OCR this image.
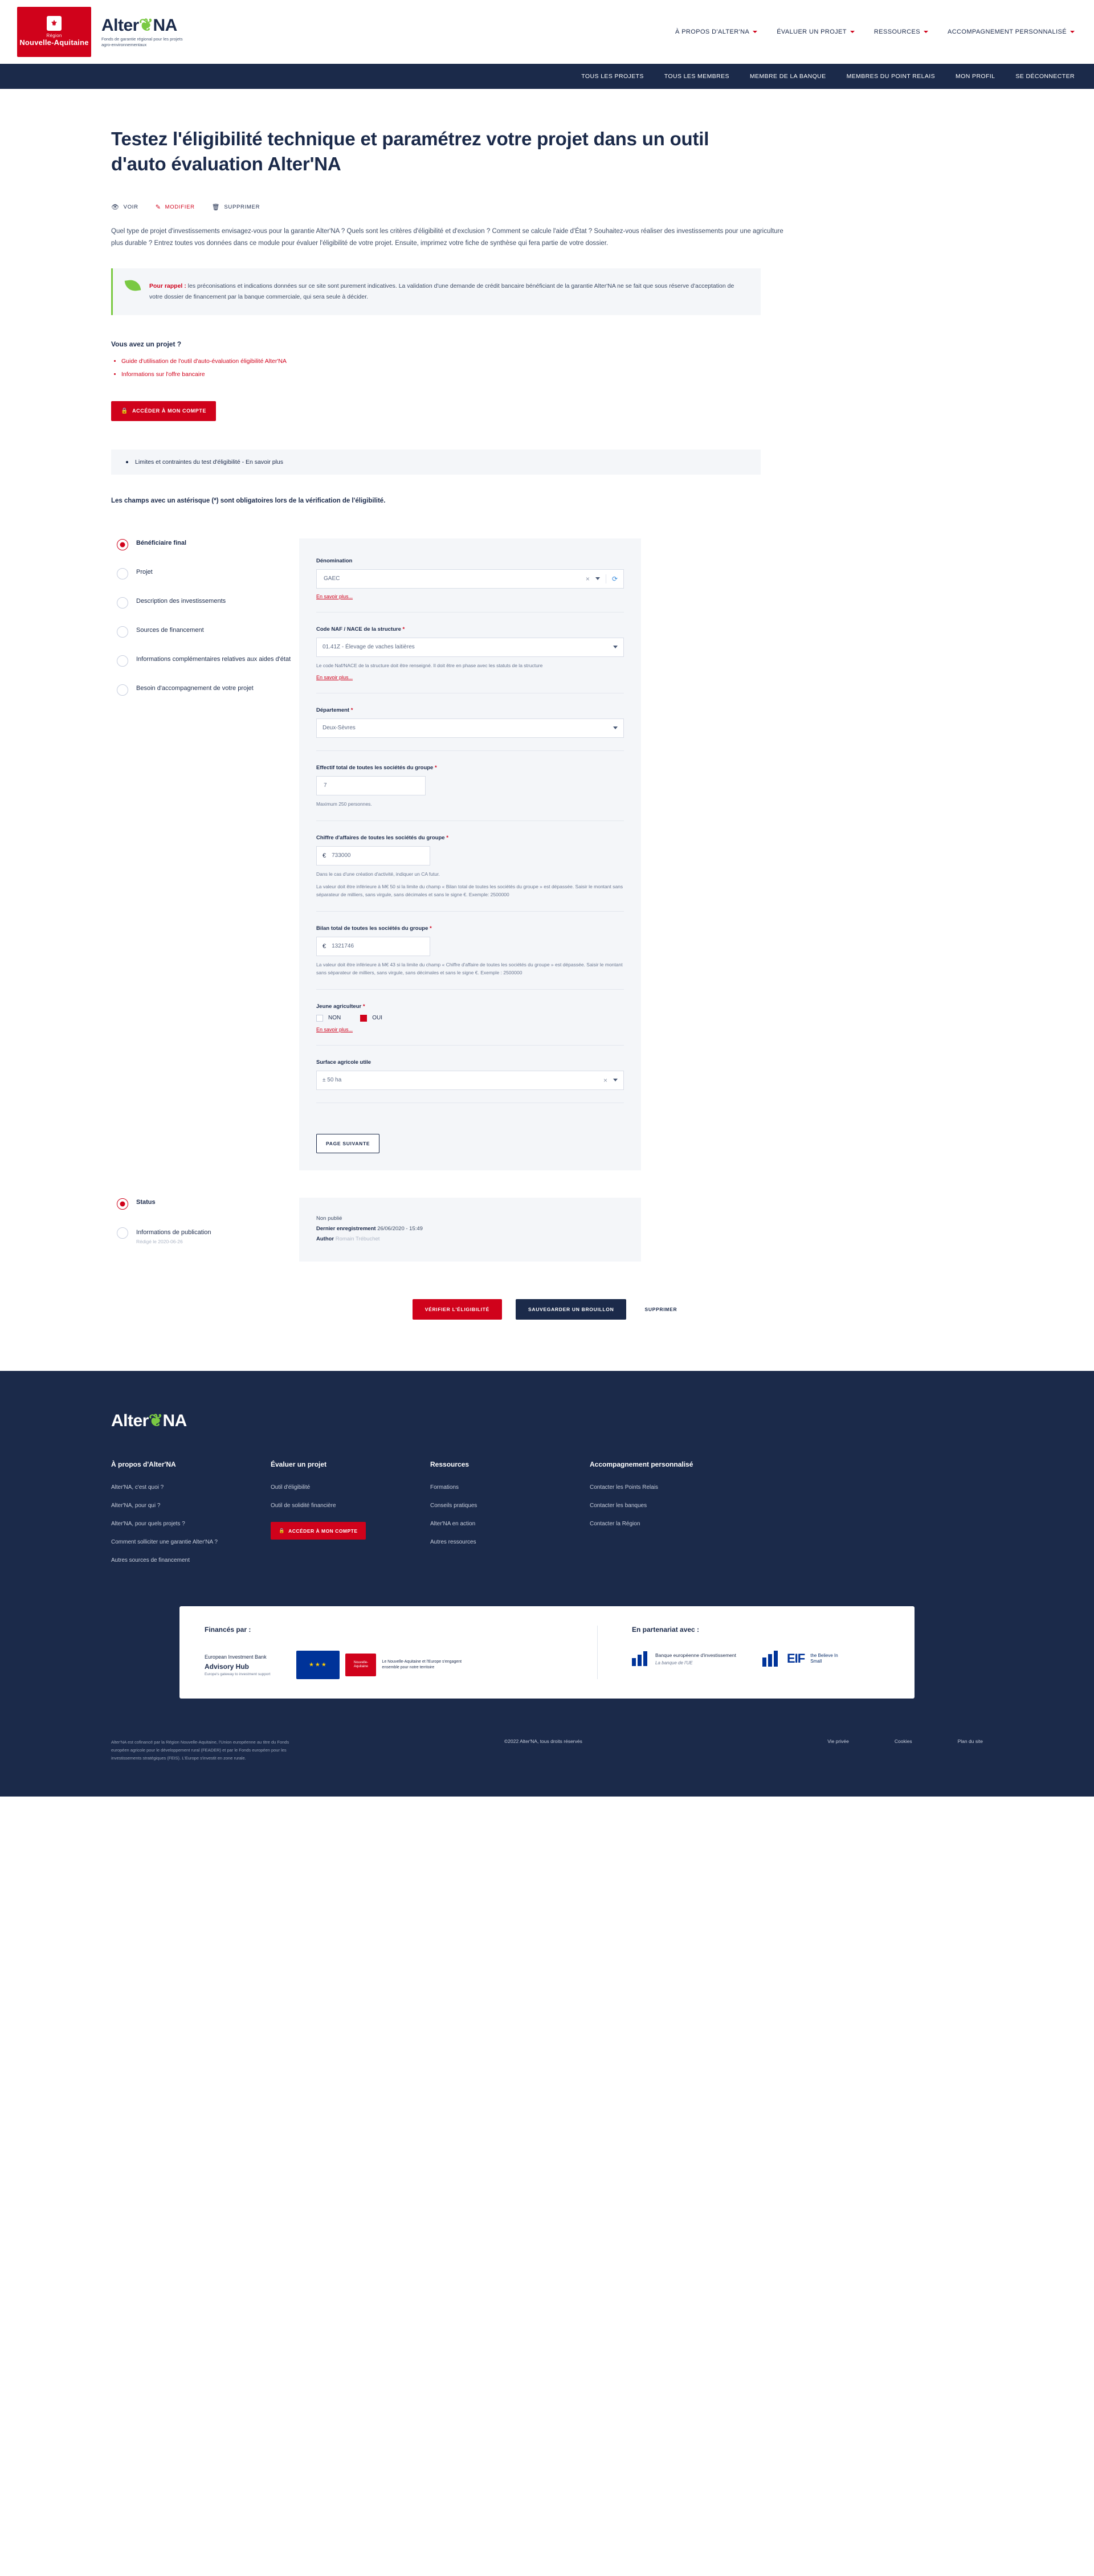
⚜
Région
Nouvelle-Aquitaine
Alter❦NA
Fonds de garantie régional pour les projets agro-environnementaux
À PROPOS D'ALTER'NA	ÉVALUER UN PROJET	RESSOURCES	ACCOMPAGNEMENT PERSONNALISÉ
TOUS LES PROJETS	TOUS LES MEMBRES	MEMBRE DE LA BANQUE	MEMBRES DU POINT RELAIS	MON PROFIL	SE DÉCONNECTER
Testez l'éligibilité technique et paramétrez votre projet dans un outil d'auto évaluation Alter'NA
👁 VOIR	✎ MODIFIER	🗑 SUPPRIMER

Quel type de projet d'investissements envisagez-vous pour la garantie Alter'NA ? Quels sont les critères d'éligibilité et d'exclusion ? Comment se calcule l'aide d'État ? Souhaitez-vous réaliser des investissements pour une agriculture plus durable ? Entrez toutes vos données dans ce module pour évaluer l'éligibilité de votre projet. Ensuite, imprimez votre fiche de synthèse qui fera partie de votre dossier.

Pour rappel : les préconisations et indications données sur ce site sont purement indicatives. La validation d'une demande de crédit bancaire bénéficiant de la garantie Alter'NA ne se fait que sous réserve d'acceptation de votre dossier de financement par la banque commerciale, qui sera seule à décider.

Vous avez un projet ?
• Guide d'utilisation de l'outil d'auto-évaluation éligibilité Alter'NA
• Informations sur l'offre bancaire
🔒 ACCÉDER À MON COMPTE
Limites et contraintes du test d'éligibilité - En savoir plus
Les champs avec un astérisque (*) sont obligatoires lors de la vérification de l'éligibilité.
Bénéficiaire final
Projet
Description des investissements
Sources de financement
Informations complémentaires relatives aux aides d'état
Besoin d'accompagnement de votre projet
Dénomination
GAEC
×	⟳
En savoir plus...
Code NAF / NACE de la structure *
01.41Z - Élevage de vaches laitières
Le code Naf/NACE de la structure doit être renseigné. Il doit être en phase avec les statuts de la structure
En savoir plus...
Département *
Deux-Sèvres
Effectif total de toutes les sociétés du groupe *
7
Maximum 250 personnes.
Chiffre d'affaires de toutes les sociétés du groupe *
€
733000
Dans le cas d'une création d'activité, indiquer un CA futur.
La valeur doit être inférieure à M€ 50 si la limite du champ « Bilan total de toutes les sociétés du groupe » est dépassée. Saisir le montant sans séparateur de milliers, sans virgule, sans décimales et sans le signe €. Exemple: 2500000
Bilan total de toutes les sociétés du groupe *
€
1321746
La valeur doit être inférieure à M€ 43 si la limite du champ « Chiffre d'affaire de toutes les sociétés du groupe » est dépassée. Saisir le montant sans séparateur de milliers, sans virgule, sans décimales et sans le signe €. Exemple : 2500000
Jeune agriculteur *
NON	OUI
En savoir plus...
Surface agricole utile
± 50 ha	×
PAGE SUIVANTE
Status
Informations de publication
Rédigé le 2020-06-26
Non publié
Dernier enregistrement 26/06/2020 - 15:49
Author Romain Trébuchet
VÉRIFIER L'ÉLIGIBILITÉ	SAUVEGARDER UN BROUILLON	SUPPRIMER
Alter❦NA
À propos d'Alter'NA
Alter'NA, c'est quoi ?
Alter'NA, pour qui ?
Alter'NA, pour quels projets ?
Comment solliciter une garantie Alter'NA ?
Autres sources de financement
Évaluer un projet
Outil d'éligibilité
Outil de solidité financière
🔒 ACCÉDER À MON COMPTE
Ressources
Formations
Conseils pratiques
Alter'NA en action
Autres ressources
Accompagnement personnalisé
Contacter les Points Relais
Contacter les banques
Contacter la Région
Financés par :
European Investment Bank
Advisory Hub
Europe's gateway to investment support
★★★
Nouvelle-Aquitaine
Le Nouvelle-Aquitaine et l'Europe s'engagent ensemble pour notre territoire
En partenariat avec :
Banque européenne d'investissement
La banque de l'UE	EIF the Believe In Small
Alter'NA est cofinancé par la Région Nouvelle-Aquitaine, l'Union européenne au titre du Fonds européen agricole pour le développement rural (FEADER) et par le Fonds européen pour les investissements stratégiques (FEIS). L'Europe s'investit en zone rurale.
©2022 Alter'NA, tous droits réservés	Vie privée	Cookies	Plan du site
